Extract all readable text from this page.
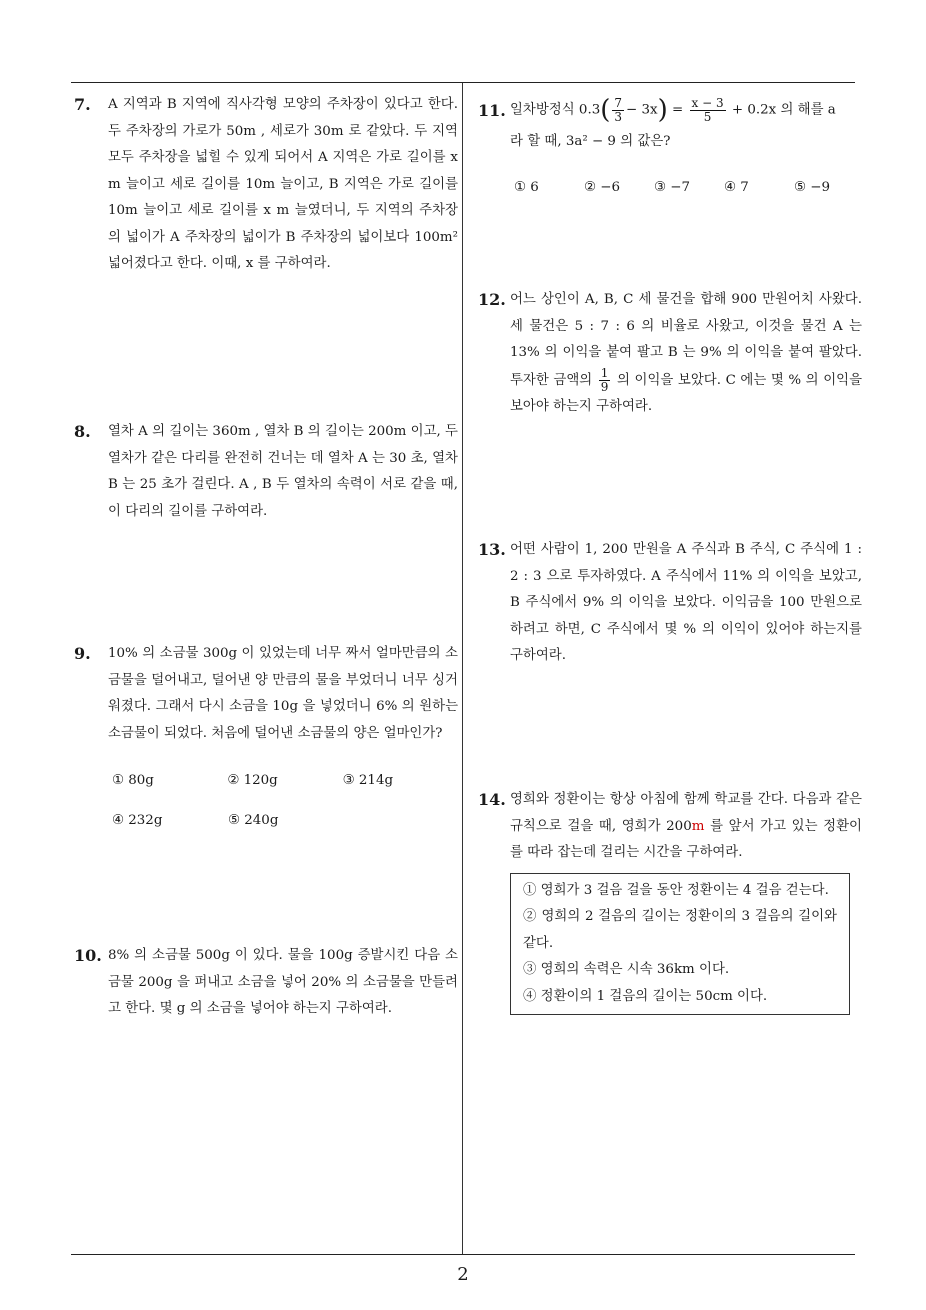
7. A 지역과 B 지역에 직사각형 모양의 주차장이 있다고 한다. 두 주차장의 가로가 50m , 세로가 30m 로 같았다. 두 지역 모두 주차장을 넓힐 수 있게 되어서 A 지역은 가로 길이를 x m 늘이고 세로 길이를 10m 늘이고, B 지역은 가로 길이를 10m 늘이고 세로 길이를 x m 늘였더니, 두 지역의 주차장의 넓이가 A 주차장의 넓이가 B 주차장의 넓이보다 100m² 넓어졌다고 한다. 이때, x 를 구하여라.

8. 열차 A 의 길이는 360m , 열차 B 의 길이는 200m 이고, 두 열차가 같은 다리를 완전히 건너는 데 열차 A 는 30 초, 열차 B 는 25 초가 걸린다. A , B 두 열차의 속력이 서로 같을 때, 이 다리의 길이를 구하여라.

9. 10% 의 소금물 300g 이 있었는데 너무 짜서 얼마만큼의 소금물을 덜어내고, 덜어낸 양 만큼의 물을 부었더니 너무 싱거워졌다. 그래서 다시 소금을 10g 을 넣었더니 6% 의 원하는 소금물이 되었다. 처음에 덜어낸 소금물의 양은 얼마인가?

① 80g	② 120g	③ 214g
④ 232g	⑤ 240g
10. 8% 의 소금물 500g 이 있다. 물을 100g 증발시킨 다음 소금물 200g 을 퍼내고 소금을 넣어 20% 의 소금물을 만들려고 한다. 몇 g 의 소금을 넣어야 하는지 구하여라.

11. 일차방정식 $0.3( \frac{7}{3} - 3x) = \frac{x - 3}{5} + 0.2x$ 의 해를 a

라 할 때, 3a² − 9 의 값은?

① 6	② −6	③ −7	④ 7	⑤ −9
12. 어느 상인이 A, B, C 세 물건을 합해 900 만원어치 사왔다. 세 물건은 5 : 7 : 6 의 비율로 사왔고, 이것을 물건 A 는 13% 의 이익을 붙여 팔고 B 는 9% 의 이익을 붙여 팔았다. 투자한 금액의 $\frac{1}{9}$ 의 이익을 보았다. C 에는 몇 % 의 이익을 보아야 하는지 구하여라.

13. 어떤 사람이 1, 200 만원을 A 주식과 B 주식, C 주식에 1 : 2 : 3 으로 투자하였다. A 주식에서 11% 의 이익을 보았고, B 주식에서 9% 의 이익을 보았다. 이익금을 100 만원으로 하려고 하면, C 주식에서 몇 % 의 이익이 있어야 하는지를 구하여라.

14. 영희와 정환이는 항상 아침에 함께 학교를 간다. 다음과 같은 규칙으로 걸을 때, 영희가 200m 를 앞서 가고 있는 정환이를 따라 잡는데 걸리는 시간을 구하여라.

① 영희가 3 걸음 걸을 동안 정환이는 4 걸음 걷는다.

② 영희의 2 걸음의 길이는 정환이의 3 걸음의 길이와 같다.

③ 영희의 속력은 시속 36km 이다.

④ 정환이의 1 걸음의 길이는 50cm 이다.

2
